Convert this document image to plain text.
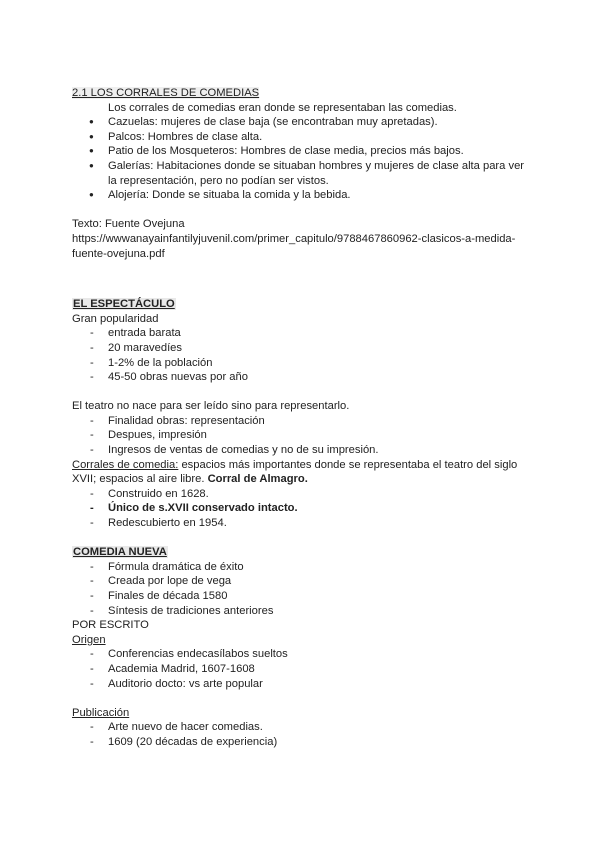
2.1 LOS CORRALES DE COMEDIAS
Los corrales de comedias eran donde se representaban las comedias.
● Cazuelas: mujeres de clase baja (se encontraban muy apretadas).
● Palcos: Hombres de clase alta.
● Patio de los Mosqueteros: Hombres de clase media, precios más bajos.
● Galerías: Habitaciones donde se situaban hombres y mujeres de clase alta para ver
la representación, pero no podían ser vistos.
● Alojería: Donde se situaba la comida y la bebida.
Texto: Fuente Ovejuna
https://wwwanayainfantilyjuvenil.com/primer_capitulo/9788467860962-clasicos-a-medida-
fuente-ovejuna.pdf
EL ESPECTÁCULO
Gran popularidad
- entrada barata
- 20 maravedíes
- 1-2% de la población
- 45-50 obras nuevas por año
El teatro no nace para ser leído sino para representarlo.
- Finalidad obras: representación
- Despues, impresión
- Ingresos de ventas de comedias y no de su impresión.
Corrales de comedia: espacios más importantes donde se representaba el teatro del siglo
XVII; espacios al aire libre. Corral de Almagro.
- Construido en 1628.
- Único de s.XVII conservado intacto.
- Redescubierto en 1954.
COMEDIA NUEVA
- Fórmula dramática de éxito
- Creada por lope de vega
- Finales de década 1580
- Síntesis de tradiciones anteriores
POR ESCRITO
Origen
- Conferencias endecasílabos sueltos
- Academia Madrid, 1607-1608
- Auditorio docto: vs arte popular
Publicación
- Arte nuevo de hacer comedias.
- 1609 (20 décadas de experiencia)
